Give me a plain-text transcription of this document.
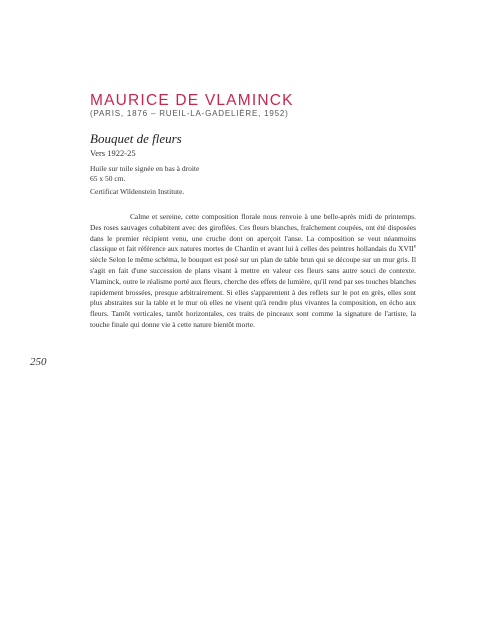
MAURICE DE VLAMINCK

(PARIS, 1876 – RUEIL-LA-GADELIÈRE, 1952)

Bouquet de fleurs
Vers 1922-25
Huile sur toile signée en bas à droite
65 x 50 cm.
Certificat Wildenstein Institute.

Calme et sereine, cette composition florale nous renvoie à une belle-après midi de printemps. Des roses sauvages cohabitent avec des giroflées. Ces fleurs blanches, fraîchement coupées, ont été disposées dans le premier récipient venu, une cruche dont on aperçoit l'anse. La composition se veut néanmoins classique et fait référence aux natures mortes de Chardin et avant lui à celles des peintres hollandais du XVIIe siècle Selon le même schéma, le bouquet est posé sur un plan de table brun qui se découpe sur un mur gris. Il s'agit en fait d'une succession de plans visant à mettre en valeur ces fleurs sans autre souci de contexte. Vlaminck, outre le réalisme porté aux fleurs, cherche des effets de lumière, qu'il rend par ses touches blanches rapidement brossées, presque arbitrairement. Si elles s'apparentent à des reflets sur le pot en grès, elles sont plus abstraites sur la table et le mur où elles ne visent qu'à rendre plus vivantes la composition, en écho aux fleurs. Tantôt verticales, tantôt horizontales, ces traits de pinceaux sont comme la signature de l'artiste, la touche finale qui donne vie à cette nature bientôt morte.

250
